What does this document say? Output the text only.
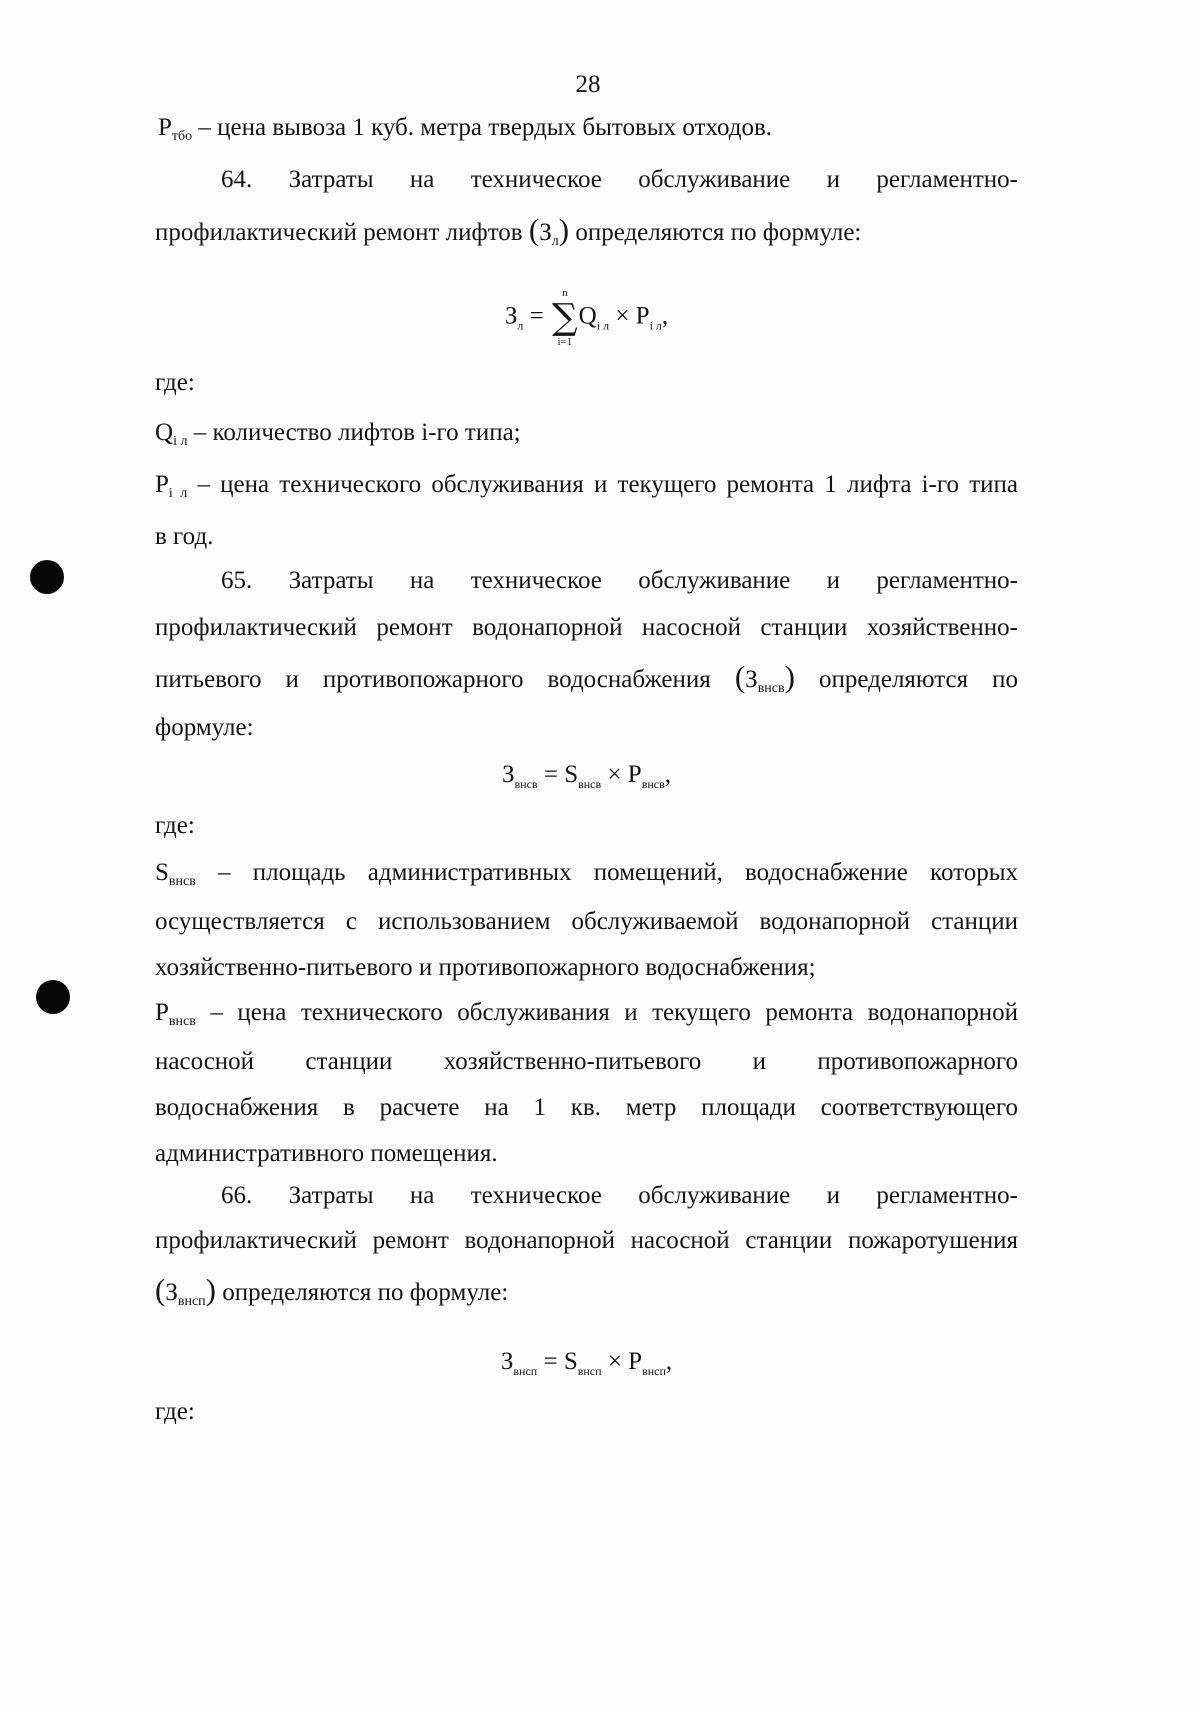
28
$P_{тбо}$ – цена вывоза 1 куб. метра твердых бытовых отходов.
64. Затраты на техническое обслуживание и регламентно-
профилактический ремонт лифтов $(З_л)$ определяются по формуле:
$З_л$ =
n
∑
i=1
$Q_{i л} \times P_{i л}$,
где:
$Q_{i л}$ – количество лифтов i-го типа;
$P_{i л}$ – цена технического обслуживания и текущего ремонта 1 лифта i-го типа
в год.
65. Затраты на техническое обслуживание и регламентно-
профилактический ремонт водонапорной насосной станции хозяйственно-
питьевого и противопожарного водоснабжения $(З_{внсв})$ определяются по
формуле:
$З_{внсв} = S_{внсв} \times P_{внсв}$,
где:
$S_{внсв}$ – площадь административных помещений, водоснабжение которых
осуществляется с использованием обслуживаемой водонапорной станции
хозяйственно-питьевого и противопожарного водоснабжения;
$P_{внсв}$ – цена технического обслуживания и текущего ремонта водонапорной
насосной станции хозяйственно-питьевого и противопожарного
водоснабжения в расчете на 1 кв. метр площади соответствующего
административного помещения.
66. Затраты на техническое обслуживание и регламентно-
профилактический ремонт водонапорной насосной станции пожаротушения
$(З_{внсп})$ определяются по формуле:
$З_{внсп} = S_{внсп} \times P_{внсп}$,
где:
